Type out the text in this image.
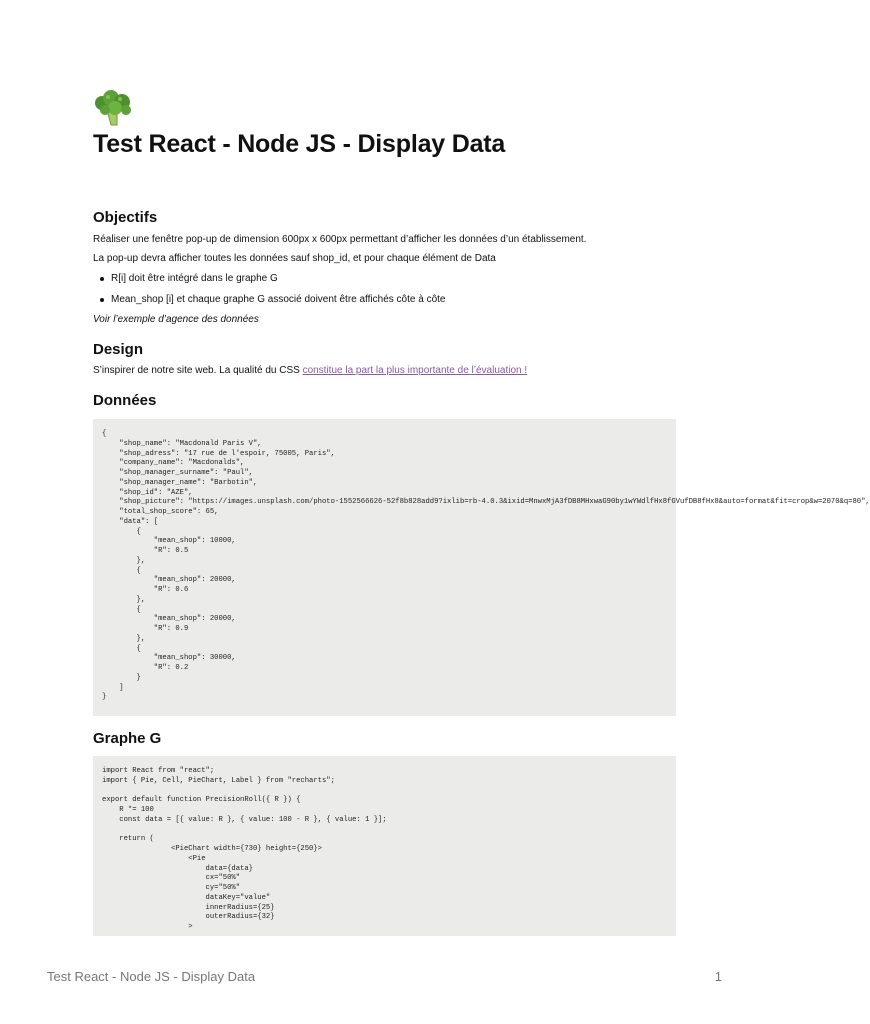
Test React - Node JS - Display Data
Objectifs

Réaliser une fenêtre pop-up de dimension 600px x 600px permettant d’afficher les données d’un établissement.

La pop-up devra afficher toutes les données sauf shop_id, et pour chaque élément de Data

R[i] doit être intégré dans le graphe G
Mean_shop [i] et chaque graphe G associé doivent être affichés côte à côte

Voir l’exemple d’agence des données

Design

S’inspirer de notre site web. La qualité du CSS constitue la part la plus importante de l’évaluation !

Données
{
"shop_name": "Macdonald Paris V",
"shop_adress": "17 rue de l'espoir, 75005, Paris",
"company_name": "Macdonalds",
"shop_manager_surname": "Paul",
"shop_manager_name": "Barbotin",
"shop_id": "AZE",
"shop_picture": "https://images.unsplash.com/photo-1552566626-52f8b828add9?ixlib=rb-4.0.3&ixid=MnwxMjA3fDB8MHxwaG90by1wYWdlfHx8fGVufDB8fHx8&auto=format&fit=crop&w=2070&q=80",
"total_shop_score": 65,
"data": [
{
"mean_shop": 10000,
"R": 0.5
},
{
"mean_shop": 20000,
"R": 0.6
},
{
"mean_shop": 20000,
"R": 0.9
},
{
"mean_shop": 30000,
"R": 0.2
}
]
}
Graphe G
import React from "react";
import { Pie, Cell, PieChart, Label } from "recharts";

export default function PrecisionRoll({ R }) {
R *= 100
const data = [{ value: R }, { value: 100 - R }, { value: 1 }];

return (
<PieChart width={730} height={250}>
<Pie
data={data}
cx="50%"
cy="50%"
dataKey="value"
innerRadius={25}
outerRadius={32}
>
Test React - Node JS - Display Data	1
